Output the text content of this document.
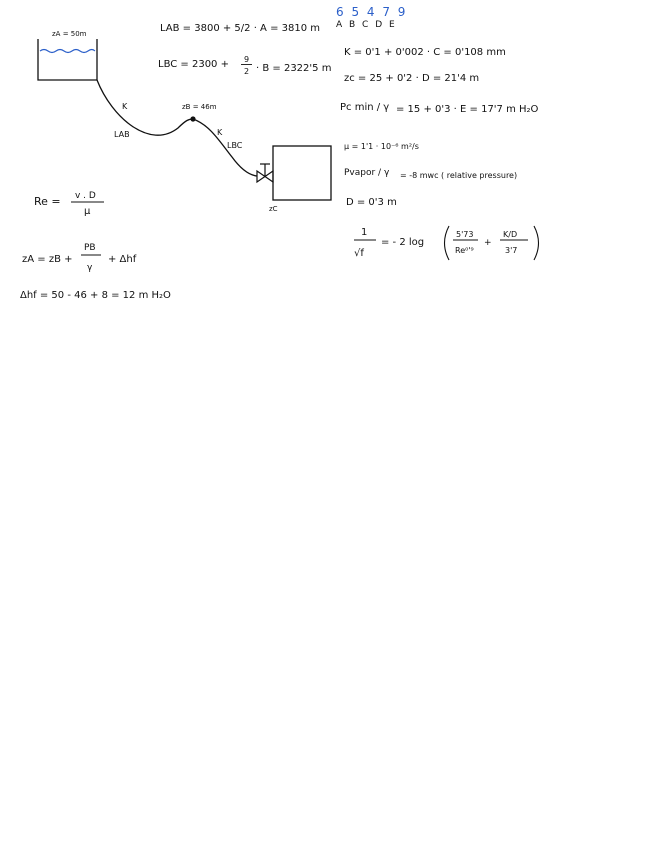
6 5 4 7 9
A B C D E
zA = 50m
zB = 46m
K
LAB	K
LBC
zC
LAB = 3800 + 5/2 · A = 3810 m
LBC = 2300 + 9
2 · B = 2322'5 m
K = 0'1 + 0'002 · C = 0'108 mm
zc = 25 + 0'2 · D = 21'4 m
Pc min / γ = 15 + 0'3 · E = 17'7 m H₂O
μ = 1'1 · 10⁻⁶ m²/s
Pvapor / γ = -8 mwc ( relative pressure)
D = 0'3 m
1
√f
= - 2 log
5'73
Re⁰'⁹
+
K/D
3'7
Re = v . D
μ
zA = zB +
PB
γ
+ Δhf
Δhf = 50 - 46 + 8 = 12 m H₂O
